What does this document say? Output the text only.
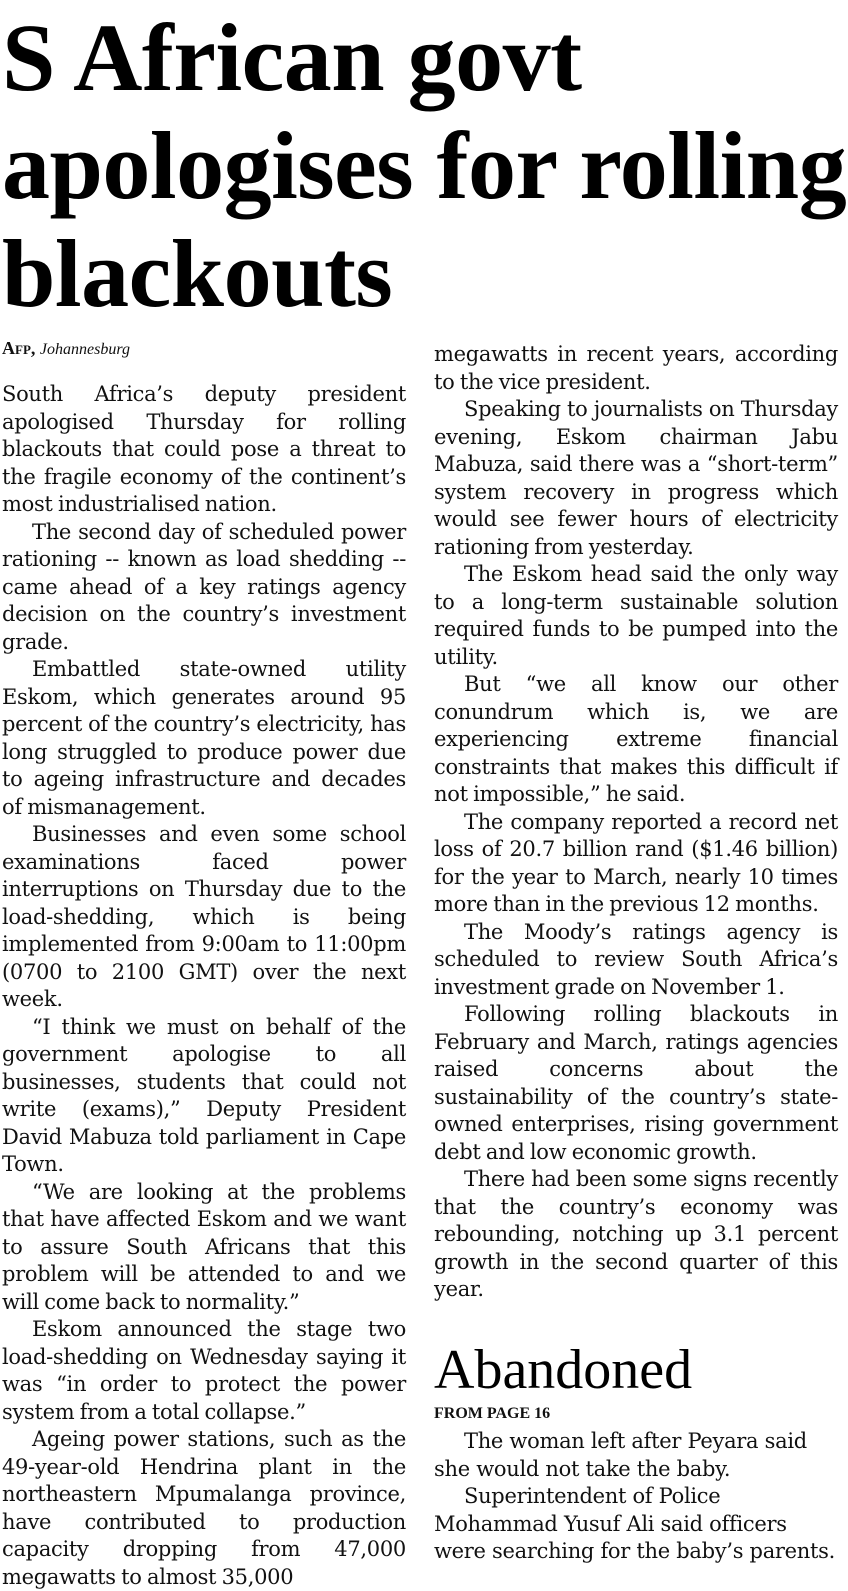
S African govt apologises for rolling blackouts
Afp, Johannesburg

South Africa’s deputy president apologised Thursday for rolling blackouts that could pose a threat to the fragile economy of the continent’s most industrialised nation.

The second day of scheduled power rationing -- known as load shedding -- came ahead of a key ratings agency decision on the country’s investment grade.

Embattled state-owned utility Eskom, which generates around 95 percent of the country’s electricity, has long struggled to produce power due to ageing infrastructure and decades of mismanagement.

Businesses and even some school examinations faced power interruptions on Thursday due to the load-shedding, which is being implemented from 9:00am to 11:00pm (0700 to 2100 GMT) over the next week.

“I think we must on behalf of the government apologise to all businesses, students that could not write (exams),” Deputy President David Mabuza told parliament in Cape Town.

“We are looking at the problems that have affected Eskom and we want to assure South Africans that this problem will be attended to and we will come back to normality.”

Eskom announced the stage two load-shedding on Wednesday saying it was “in order to protect the power system from a total collapse.”

Ageing power stations, such as the 49-year-old Hendrina plant in the northeastern Mpumalanga province, have contributed to production capacity dropping from 47,000 megawatts to almost 35,000

megawatts in recent years, according to the vice president.

Speaking to journalists on Thursday evening, Eskom chairman Jabu Mabuza, said there was a “short-term” system recovery in progress which would see fewer hours of electricity rationing from yesterday.

The Eskom head said the only way to a long-term sustainable solution required funds to be pumped into the utility.

But “we all know our other conundrum which is, we are experiencing extreme financial constraints that makes this difficult if not impossible,” he said.

The company reported a record net loss of 20.7 billion rand ($1.46 billion) for the year to March, nearly 10 times more than in the previous 12 months.

The Moody’s ratings agency is scheduled to review South Africa’s investment grade on November 1.

Following rolling blackouts in February and March, ratings agencies raised concerns about the sustainability of the country’s state-owned enterprises, rising government debt and low economic growth.

There had been some signs recently that the country’s economy was rebounding, notching up 3.1 percent growth in the second quarter of this year.

Abandoned
FROM PAGE 16

The woman left after Peyara said she would not take the baby.

Superintendent of Police Mohammad Yusuf Ali said officers were searching for the baby’s parents.
